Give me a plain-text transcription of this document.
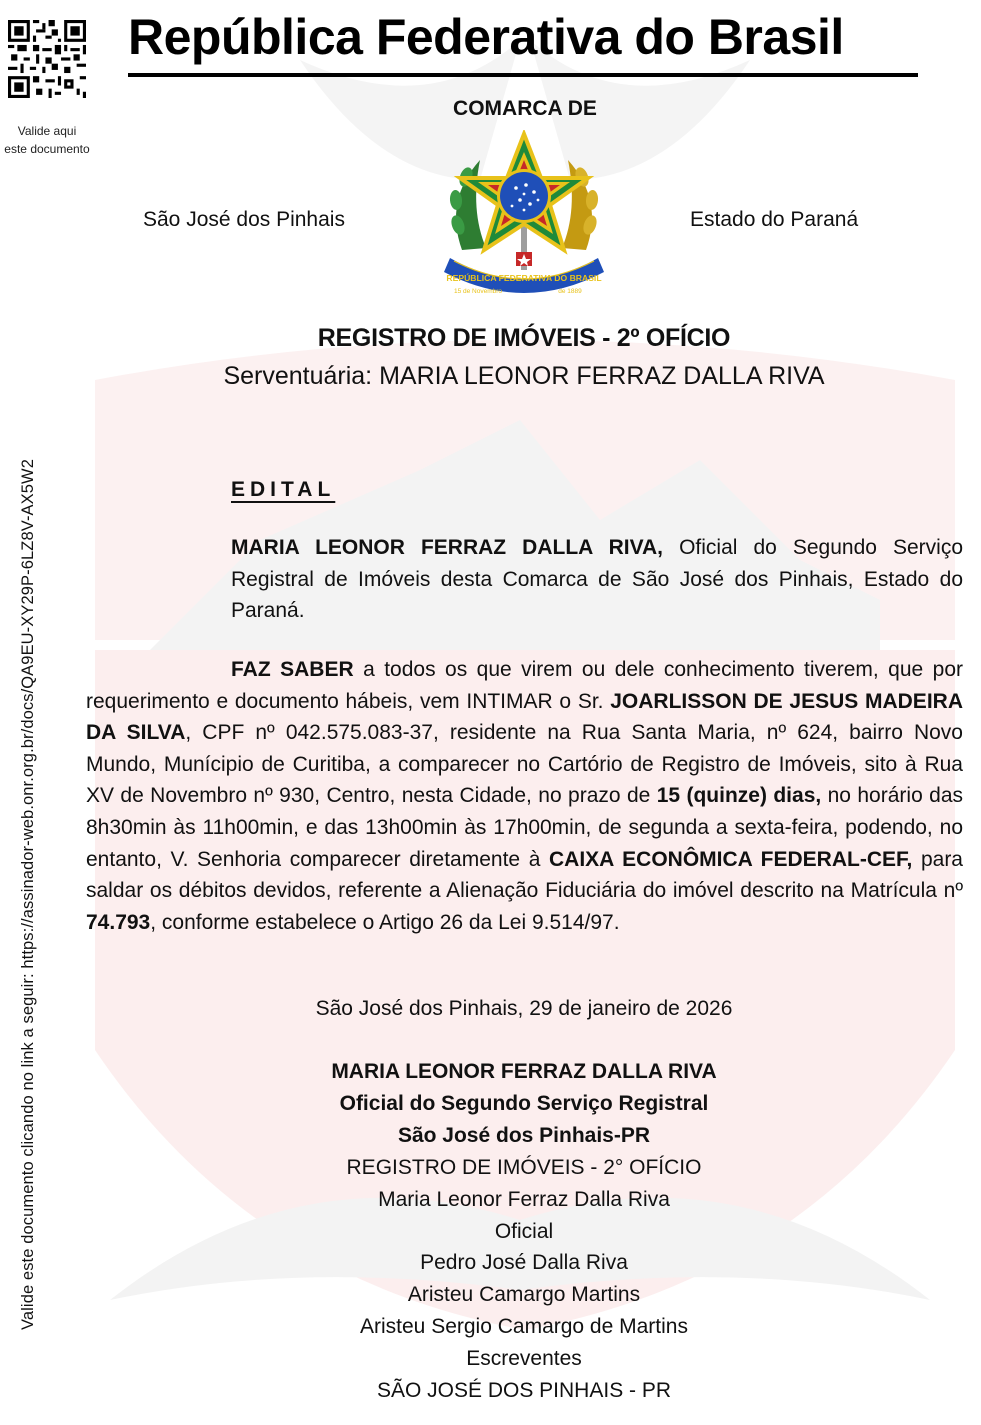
Valide aqui
este documento
Valide este documento clicando no link a seguir: https://assinador-web.onr.org.br/docs/QA9EU-XY29P-6LZ8V-AX5W2
República Federativa do Brasil
COMARCA DE
São José dos Pinhais	Estado do Paraná
REPÚBLICA FEDERATIVA DO BRASIL
15 de Novembro	de 1889
REGISTRO DE IMÓVEIS - 2º OFÍCIO
Serventuária: MARIA LEONOR FERRAZ DALLA RIVA
EDITAL
MARIA LEONOR FERRAZ DALLA RIVA, Oficial do Segundo Serviço Registral de Imóveis desta Comarca de São José dos Pinhais, Estado do Paraná.
FAZ SABER a todos os que virem ou dele conhecimento tiverem, que por requerimento e documento hábeis, vem INTIMAR o Sr. JOARLISSON DE JESUS MADEIRA DA SILVA, CPF nº 042.575.083-37, residente na Rua Santa Maria, nº 624, bairro Novo Mundo, Munícipio de Curitiba, a comparecer no Cartório de Registro de Imóveis, sito à Rua XV de Novembro nº 930, Centro, nesta Cidade, no prazo de 15 (quinze) dias, no horário das 8h30min às 11h00min, e das 13h00min às 17h00min, de segunda a sexta-feira, podendo, no entanto, V. Senhoria comparecer diretamente à CAIXA ECONÔMICA FEDERAL-CEF, para saldar os débitos devidos, referente a Alienação Fiduciária do imóvel descrito na Matrícula nº 74.793, conforme estabelece o Artigo 26 da Lei 9.514/97.
São José dos Pinhais, 29 de janeiro de 2026
MARIA LEONOR FERRAZ DALLA RIVA
Oficial do Segundo Serviço Registral
São José dos Pinhais-PR
REGISTRO DE IMÓVEIS - 2° OFÍCIO
Maria Leonor Ferraz Dalla Riva
Oficial
Pedro José Dalla Riva
Aristeu Camargo Martins
Aristeu Sergio Camargo de Martins
Escreventes
SÃO JOSÉ DOS PINHAIS - PR
